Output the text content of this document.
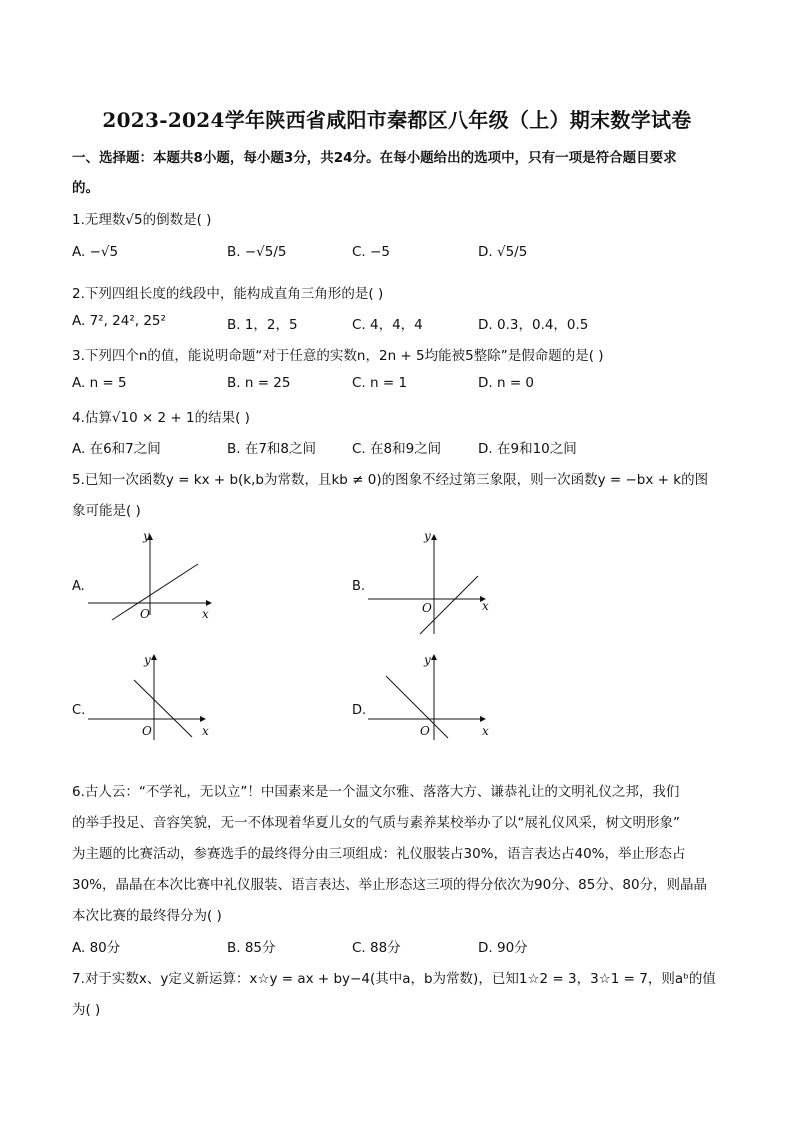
2023-2024学年陕西省咸阳市秦都区八年级（上）期末数学试卷
一、选择题：本题共8小题，每小题3分，共24分。在每小题给出的选项中，只有一项是符合题目要求
的。
1.无理数√5的倒数是( )
A. −√5	B. −√5/5	C. −5	D. √5/5
2.下列四组长度的线段中，能构成直角三角形的是( )
A. 7², 24², 25²	B. 1，2，5	C. 4，4，4	D. 0.3，0.4，0.5
3.下列四个n的值，能说明命题“对于任意的实数n，2n + 5均能被5整除”是假命题的是( )
A. n = 5	B. n = 25	C. n = 1	D. n = 0
4.估算√10 × 2 + 1的结果( )
A. 在6和7之间	B. 在7和8之间	C. 在8和9之间	D. 在9和10之间
5.已知一次函数y = kx + b(k,b为常数，且kb ≠ 0)的图象不经过第三象限，则一次函数y = −bx + k的图
象可能是( )
A.
y
x
O
B.
y
x
O
C.
y
x
O
D.
y
x
O
6.古人云：“不学礼，无以立”！中国素来是一个温文尔雅、落落大方、谦恭礼让的文明礼仪之邦，我们
的举手投足、音容笑貌，无一不体现着华夏儿女的气质与素养某校举办了以“展礼仪风采，树文明形象”
为主题的比赛活动，参赛选手的最终得分由三项组成：礼仪服装占30%，语言表达占40%，举止形态占
30%，晶晶在本次比赛中礼仪服装、语言表达、举止形态这三项的得分依次为90分、85分、80分，则晶晶
本次比赛的最终得分为( )
A. 80分	B. 85分	C. 88分	D. 90分
7.对于实数x、y定义新运算：x☆y = ax + by−4(其中a，b为常数)，已知1☆2 = 3，3☆1 = 7，则aᵇ的值
为( )
